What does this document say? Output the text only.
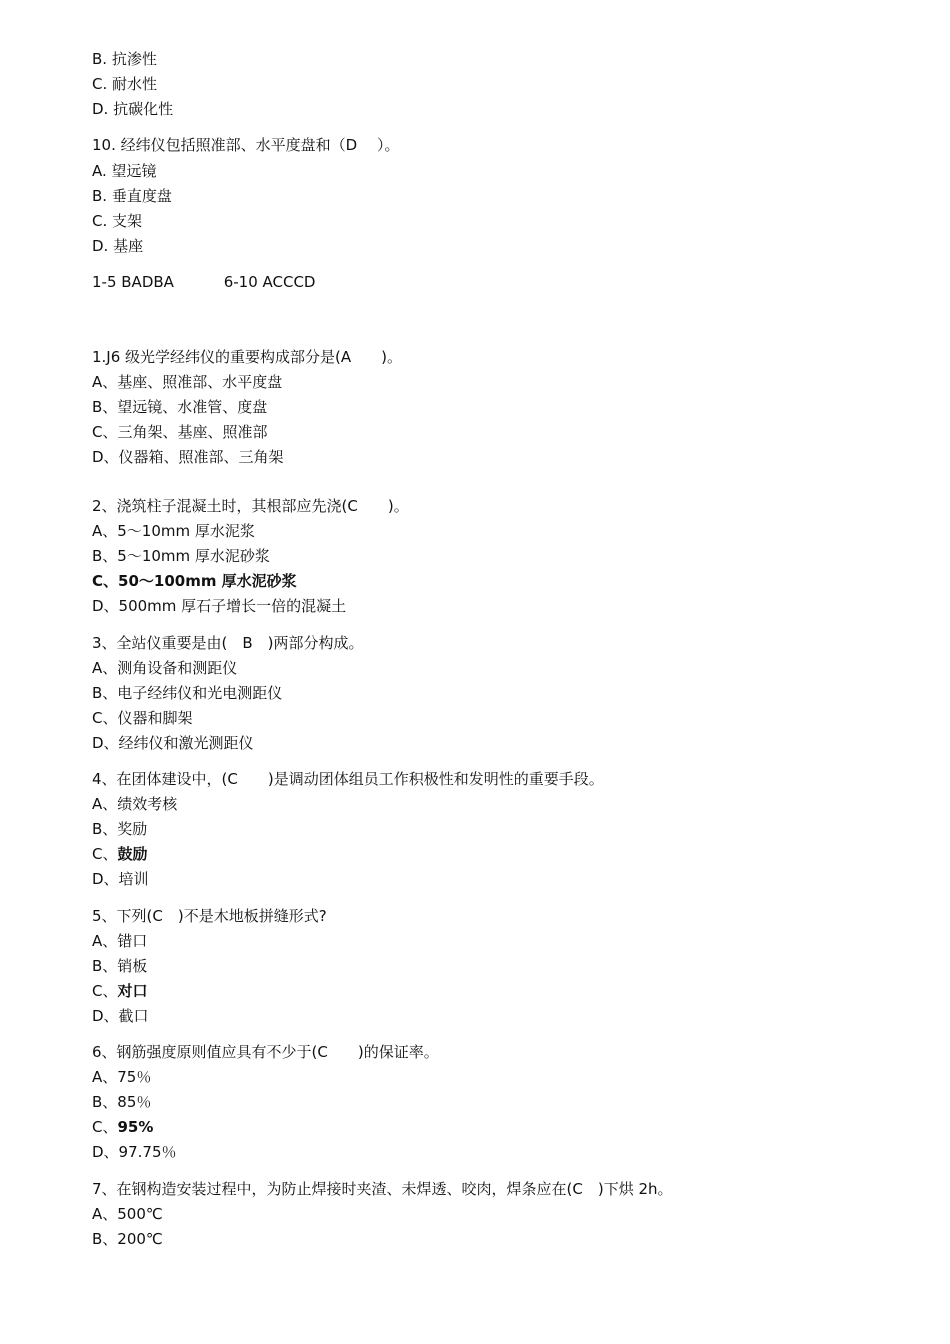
B. 抗渗性

C. 耐水性

D. 抗碳化性

10. 经纬仪包括照准部、水平度盘和（D　 ）。

A. 望远镜

B. 垂直度盘

C. 支架

D. 基座

1-5 BADBA　　　 6-10 ACCCD

1.J6 级光学经纬仪的重要构成部分是(A　　)。

A、基座、照准部、水平度盘

B、望远镜、水准管、度盘

C、三角架、基座、照准部

D、仪器箱、照准部、三角架

2、浇筑柱子混凝土时，其根部应先浇(C　　)。

A、5～10mm 厚水泥浆

B、5～10mm 厚水泥砂浆

C、50～100mm 厚水泥砂浆

D、500mm 厚石子增长一倍的混凝土

3、全站仪重要是由(　B　)两部分构成。

A、测角设备和测距仪

B、电子经纬仪和光电测距仪

C、仪器和脚架

D、经纬仪和激光测距仪

4、在团体建设中，(C　　)是调动团体组员工作积极性和发明性的重要手段。

A、绩效考核

B、奖励

C、鼓励

D、培训

5、下列(C　)不是木地板拼缝形式?

A、错口

B、销板

C、对口

D、截口

6、钢筋强度原则值应具有不少于(C　　)的保证率。

A、75％

B、85％

C、95%

D、97.75％

7、在钢构造安装过程中，为防止焊接时夹渣、未焊透、咬肉，焊条应在(C　)下烘 2h。

A、500℃

B、200℃
